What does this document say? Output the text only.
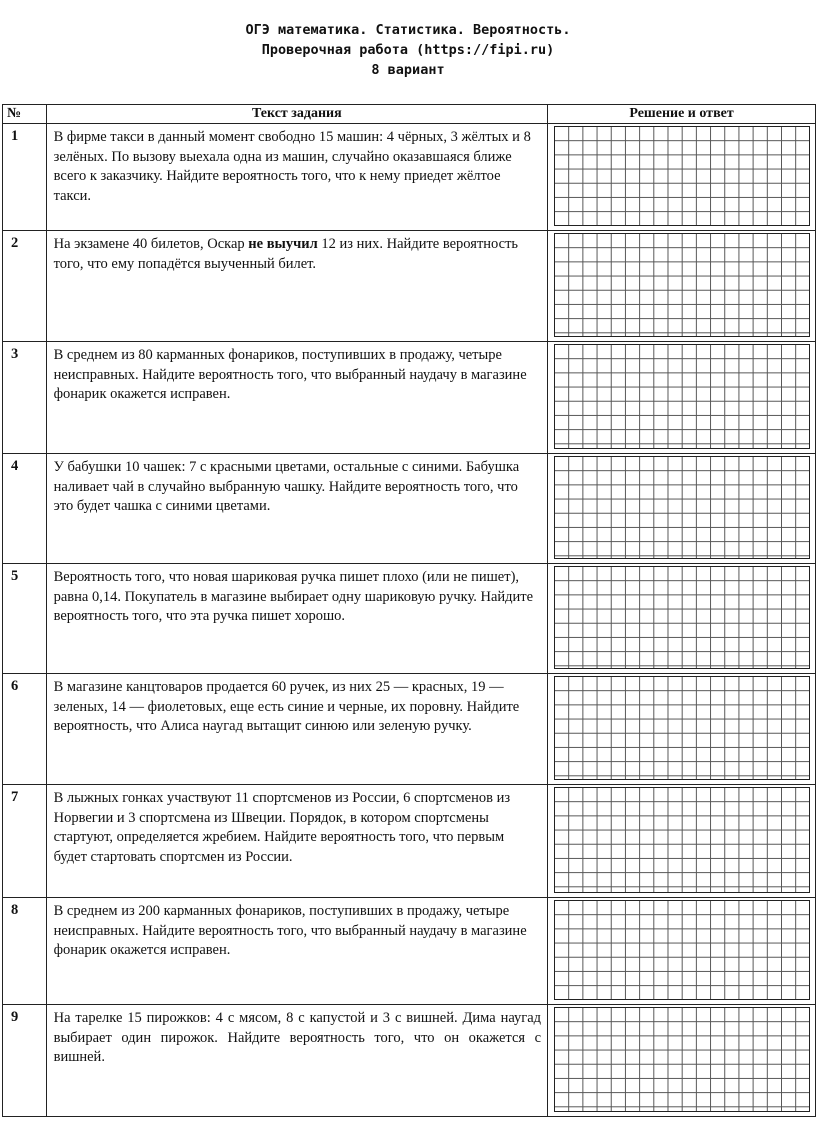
ОГЭ математика. Статистика. Вероятность.
Проверочная работа (https://fipi.ru)
8 вариант
№	Текст задания	Решение и ответ
1	В фирме такси в данный момент свободно 15 машин: 4 чёрных, 3 жёлтых и 8 зелёных. По вызову выехала одна из машин, случайно оказавшаяся ближе всего к заказчику. Найдите вероятность того, что к нему приедет жёлтое такси.	

2	На экзамене 40 билетов, Оскар не выучил 12 из них. Найдите вероятность того, что ему попадётся выученный билет.	

3	В среднем из 80 карманных фонариков, поступивших в продажу, четыре неисправных. Найдите вероятность того, что выбранный наудачу в магазине фонарик окажется исправен.	

4	У бабушки 10 чашек: 7 с красными цветами, остальные с синими. Бабушка наливает чай в случайно выбранную чашку. Найдите вероятность того, что это будет чашка с синими цветами.	

5	Вероятность того, что новая шариковая ручка пишет плохо (или не пишет), равна 0,14. Покупатель в магазине выбирает одну шариковую ручку. Найдите вероятность того, что эта ручка пишет хорошо.	

6	В магазине канцтоваров продается 60 ручек, из них 25 — красных, 19 — зеленых, 14 — фиолетовых, еще есть синие и черные, их поровну. Найдите вероятность, что Алиса наугад вытащит синюю или зеленую ручку.	

7	В лыжных гонках участвуют 11 спортсменов из России, 6 спортсменов из Норвегии и 3 спортсмена из Швеции. Порядок, в котором спортсмены стартуют, определяется жребием. Найдите вероятность того, что первым будет стартовать спортсмен из России.	

8	В среднем из 200 карманных фонариков, поступивших в продажу, четыре неисправных. Найдите вероятность того, что выбранный наудачу в магазине фонарик окажется исправен.	

9	На тарелке 15 пирожков: 4 с мясом, 8 с капустой и 3 с вишней. Дима наугад выбирает один пирожок. Найдите вероятность того, что он окажется с вишней.	
